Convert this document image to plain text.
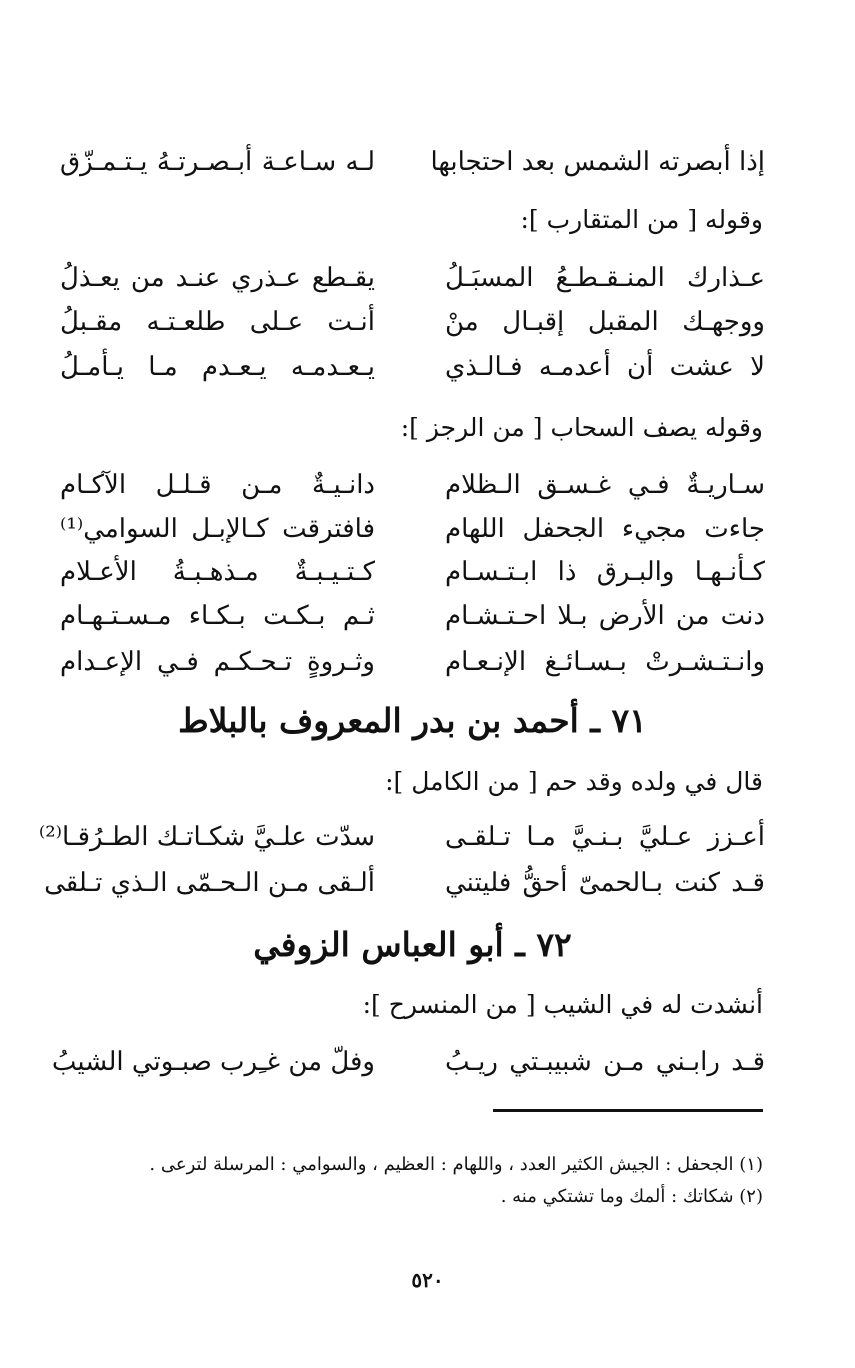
إذا أبصرته الشمس بعد احتجابها
لـه سـاعـة أبـصـرتـهُ يـتـمـزّق
وقوله [ من المتقارب ]:
عـذارك المنـقـطـعُ المسبَـلُ
يقـطع عـذري عنـد من يعـذلُ
ووجهـك المقبل إقبـال منْ
أنـت عـلى طلعـتـه مقـبلُ
لا عشت أن أعدمـه فـالـذي
يـعـدمـه يـعـدم مـا يـأمـلُ
وقوله يصف السحاب [ من الرجز ]:
سـاريـةٌ فـي غـسـق الـظلام
دانـيـةٌ مـن قـلـل الآكـام
جاءت مجيء الجحفل اللهام
فافترقت كـالإبـل السوامي⁽¹⁾
كـأنـهـا والبـرق ذا ابـتـسـام
كـتـيـبـةٌ مـذهـبـةُ الأعـلام
دنت من الأرض بـلا احـتـشـام
ثـم بـكـت بـكـاء مـسـتـهـام
وانـتـشـرتْ بـسـائـغ الإنـعـام
وثـروةٍ تـحـكـم فـي الإعـدام
٧١ ـ أحمد بن بدر المعروف بالبلاط
قال في ولده وقد حم [ من الكامل ]:
أعـزز عـليَّ بـنـيَّ مـا تـلقـى
سدّت علـيَّ شكـاتـك الطـرُقـا⁽²⁾
قـد كنت بـالحمىّ أحقُّ فليتني
ألـقى مـن الـحـمّى الـذي تـلقى
٧٢ ـ أبو العباس الزوفي
أنشدت له في الشيب [ من المنسرح ]:
قـد رابـني مـن شبيبـتي ريـبُ
وفلّ من غـِرب صبـوتي الشيبُ
(١) الجحفل : الجيش الكثير العدد ، واللهام : العظيم ، والسوامي : المرسلة لترعى .
(٢) شكاتك : ألمك وما تشتكي منه .
٥٢٠
